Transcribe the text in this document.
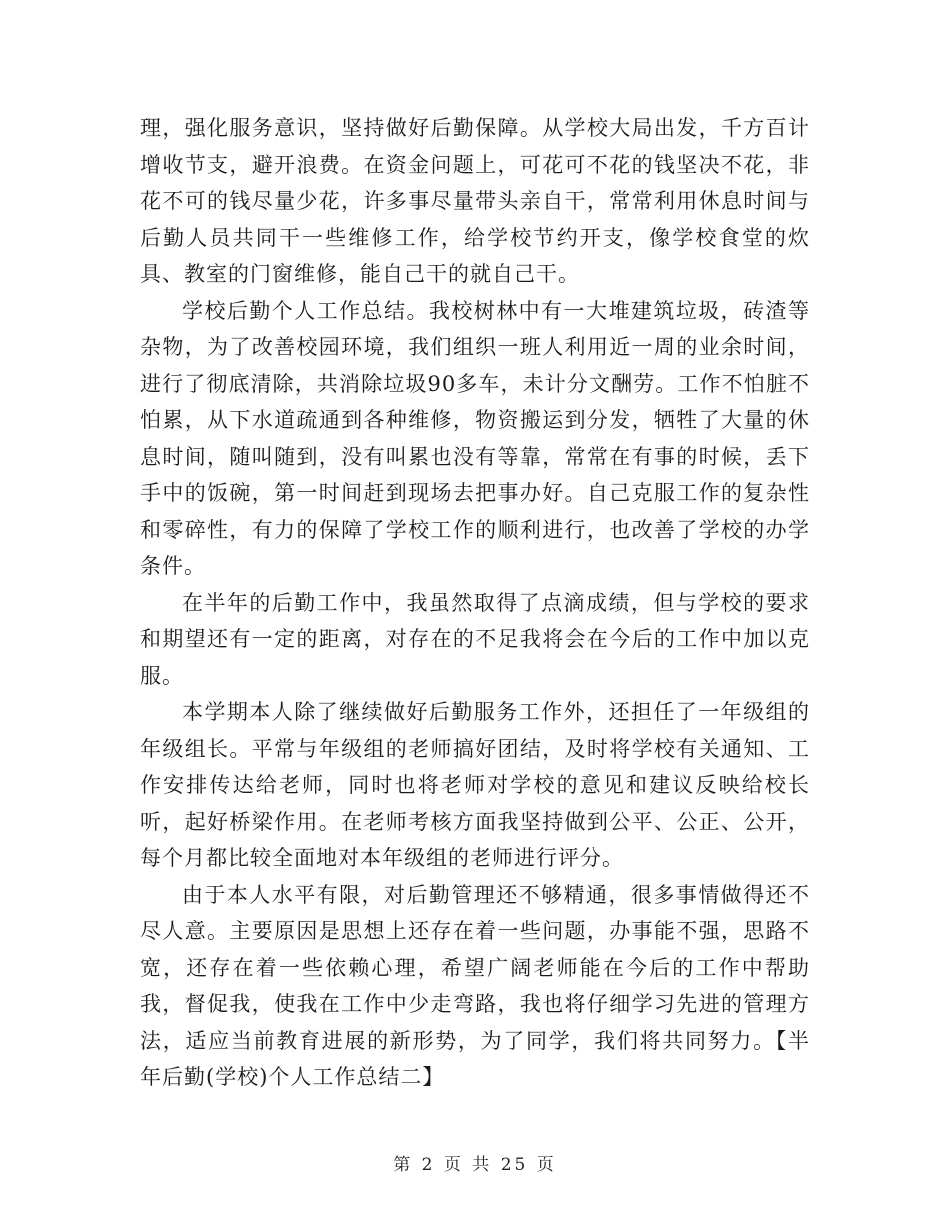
理，强化服务意识，坚持做好后勤保障。从学校大局出发，千方百计增收节支，避开浪费。在资金问题上，可花可不花的钱坚决不花，非花不可的钱尽量少花，许多事尽量带头亲自干，常常利用休息时间与后勤人员共同干一些维修工作，给学校节约开支，像学校食堂的炊具、教室的门窗维修，能自己干的就自己干。

学校后勤个人工作总结。我校树林中有一大堆建筑垃圾，砖渣等杂物，为了改善校园环境，我们组织一班人利用近一周的业余时间，进行了彻底清除，共消除垃圾90多车，未计分文酬劳。工作不怕脏不怕累，从下水道疏通到各种维修，物资搬运到分发，牺牲了大量的休息时间，随叫随到，没有叫累也没有等靠，常常在有事的时候，丢下手中的饭碗，第一时间赶到现场去把事办好。自己克服工作的复杂性和零碎性，有力的保障了学校工作的顺利进行，也改善了学校的办学条件。

在半年的后勤工作中，我虽然取得了点滴成绩，但与学校的要求和期望还有一定的距离，对存在的不足我将会在今后的工作中加以克服。

本学期本人除了继续做好后勤服务工作外，还担任了一年级组的年级组长。平常与年级组的老师搞好团结，及时将学校有关通知、工作安排传达给老师，同时也将老师对学校的意见和建议反映给校长听，起好桥梁作用。在老师考核方面我坚持做到公平、公正、公开，每个月都比较全面地对本年级组的老师进行评分。

由于本人水平有限，对后勤管理还不够精通，很多事情做得还不尽人意。主要原因是思想上还存在着一些问题，办事能不强，思路不宽，还存在着一些依赖心理，希望广阔老师能在今后的工作中帮助我，督促我，使我在工作中少走弯路，我也将仔细学习先进的管理方法，适应当前教育进展的新形势，为了同学，我们将共同努力。【半年后勤(学校)个人工作总结二】

第 2 页 共 25 页
